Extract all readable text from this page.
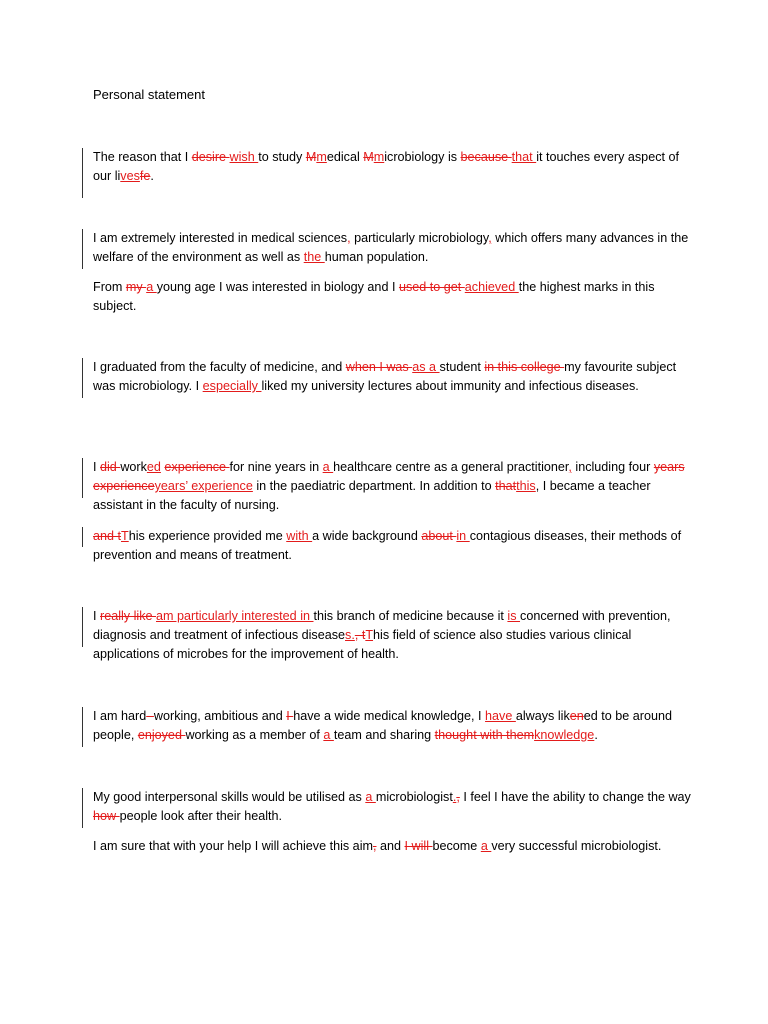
Personal statement
The reason that I desire wish to study Mmedical Mmicrobiology is because that it touches every aspect of our livesfe.
I am extremely interested in medical sciences, particularly microbiology, which offers many advances in the welfare of the environment as well as the human population.
From my a young age I was interested in biology and I used to get achieved the highest marks in this subject.
I graduated from the faculty of medicine, and when I was as a student in this college my favourite subject was microbiology. I especially liked my university lectures about immunity and infectious diseases.
I did worked experience for nine years in a healthcare centre as a general practitioner, including four years experienceyears’ experience in the paediatric department. In addition to thatthis, I became a teacher assistant in the faculty of nursing.
and tThis experience provided me with a wide background about in contagious diseases, their methods of prevention and means of treatment.
I really like am particularly interested in this branch of medicine because it is concerned with prevention, diagnosis and treatment of infectious diseases., tThis field of science also studies various clinical applications of microbes for the improvement of health.
I am hard- working, ambitious and I have a wide medical knowledge, I have always likened to be around people, enjoyed working as a member of a team and sharing thought with themknowledge.
My good interpersonal skills would be utilised as a microbiologist., I feel I have the ability to change the way how people look after their health.
I am sure that with your help I will achieve this aim, and I will become a very successful microbiologist.
